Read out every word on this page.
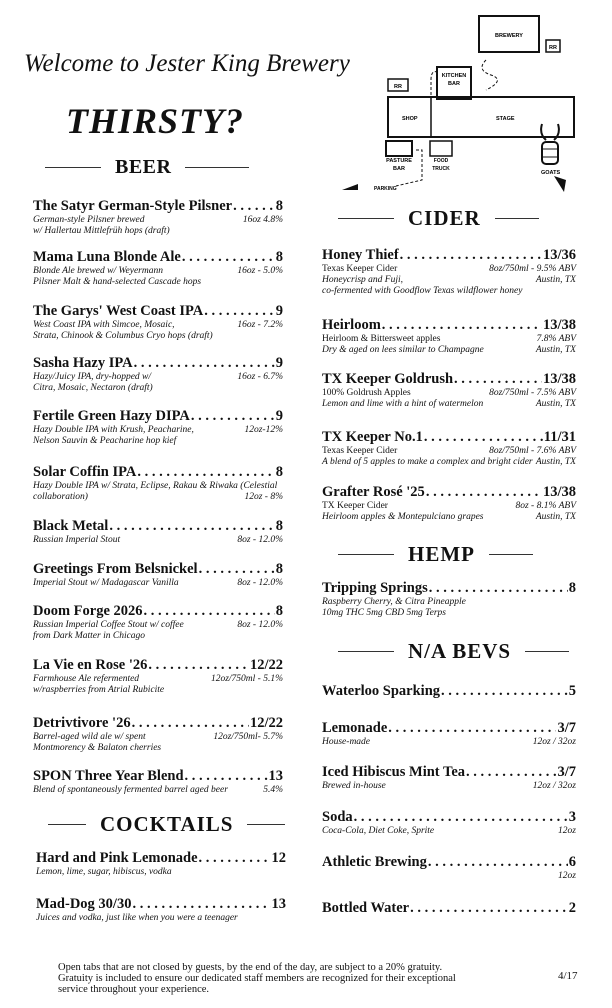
Welcome to Jester King Brewery
THIRSTY?
BREWERY
RR
KITCHEN
BAR
RR
SHOP	STAGE
PASTURE
BAR
FOOD
TRUCK
PARKING
GOATS
BEER
COCKTAILS
CIDER
HEMP
N/A BEVS
The Satyr German-Style Pilsner . . .	8
German-style Pilsner brewed	16oz 4.8%
w/ Hallertau Mittlefrüh hops (draft)
Mama Luna Blonde Ale . . .	8
Blonde Ale brewed w/ Weyermann	16oz - 5.0%
Pilsner Malt & hand-selected Cascade hops
The Garys' West Coast IPA . . .	9
West Coast IPA with Simcoe, Mosaic,	16oz - 7.2%
Strata, Chinook & Columbus Cryo hops (draft)
Sasha Hazy IPA . . .	9
Hazy/Juicy IPA, dry-hopped w/	16oz - 6.7%
Citra, Mosaic, Nectaron (draft)
Fertile Green Hazy DIPA . . .	9
Hazy Double IPA with Krush, Peacharine,	12oz-12%
Nelson Sauvin & Peacharine hop kief
Solar Coffin IPA . . .	8
Hazy Double IPA w/ Strata, Eclipse, Rakau & Riwaka (Celestial
collaboration)	12oz - 8%
Black Metal . . .	8
Russian Imperial Stout	8oz - 12.0%
Greetings From Belsnickel . . .	8
Imperial Stout w/ Madagascar Vanilla	8oz - 12.0%
Doom Forge 2026 . . .	8
Russian Imperial Coffee Stout w/ coffee	8oz - 12.0%
from Dark Matter in Chicago
La Vie en Rose '26 . . .	12/22
Farmhouse Ale refermented	12oz/750ml - 5.1%
w/raspberries from Atrial Rubicite
Detrivtivore '26 . . .	12/22
Barrel-aged wild ale w/ spent	12oz/750ml- 5.7%
Montmorency & Balaton cherries
SPON Three Year Blend . . .	13
Blend of spontaneously fermented barrel aged beer	5.4%
Hard and Pink Lemonade . . .	12
Lemon, lime, sugar, hibiscus, vodka
Mad-Dog 30/30 . . .	13
Juices and vodka, just like when you were a teenager
Honey Thief . . .	13/36
Texas Keeper Cider	8oz/750ml - 9.5% ABV
Honeycrisp and Fuji,	Austin, TX
co-fermented with Goodflow Texas wildflower honey
Heirloom . . .	13/38
Heirloom & Bittersweet apples	7.8% ABV
Dry & aged on lees similar to Champagne	Austin, TX
TX Keeper Goldrush . . .	13/38
100% Goldrush Apples	8oz/750ml - 7.5% ABV
Lemon and lime with a hint of watermelon	Austin, TX
TX Keeper No.1 . . .	11/31
Texas Keeper Cider	8oz/750ml - 7.6% ABV
A blend of 5 apples to make a complex and bright cider Austin, TX
Grafter Rosé '25 . . .	13/38
TX Keeper Cider	8oz - 8.1% ABV
Heirloom apples & Montepulciano grapes	Austin, TX
Tripping Springs . . .	8
Raspberry Cherry, & Citra Pineapple
10mg THC 5mg CBD 5mg Terps
Waterloo Sparking . . .	5
Lemonade . . .	3/7
House-made	12oz / 32oz
Iced Hibiscus Mint Tea . . .	3/7
Brewed in-house	12oz / 32oz
Soda . . .	3
Coca-Cola, Diet Coke, Sprite	12oz
Athletic Brewing . . .	6
12oz
Bottled Water . . .	2
Open tabs that are not closed by guests, by the end of the day, are subject to a 20% gratuity.
Gratuity is included to ensure our dedicated staff members are recognized for their exceptional
service throughout your experience.
4/17
